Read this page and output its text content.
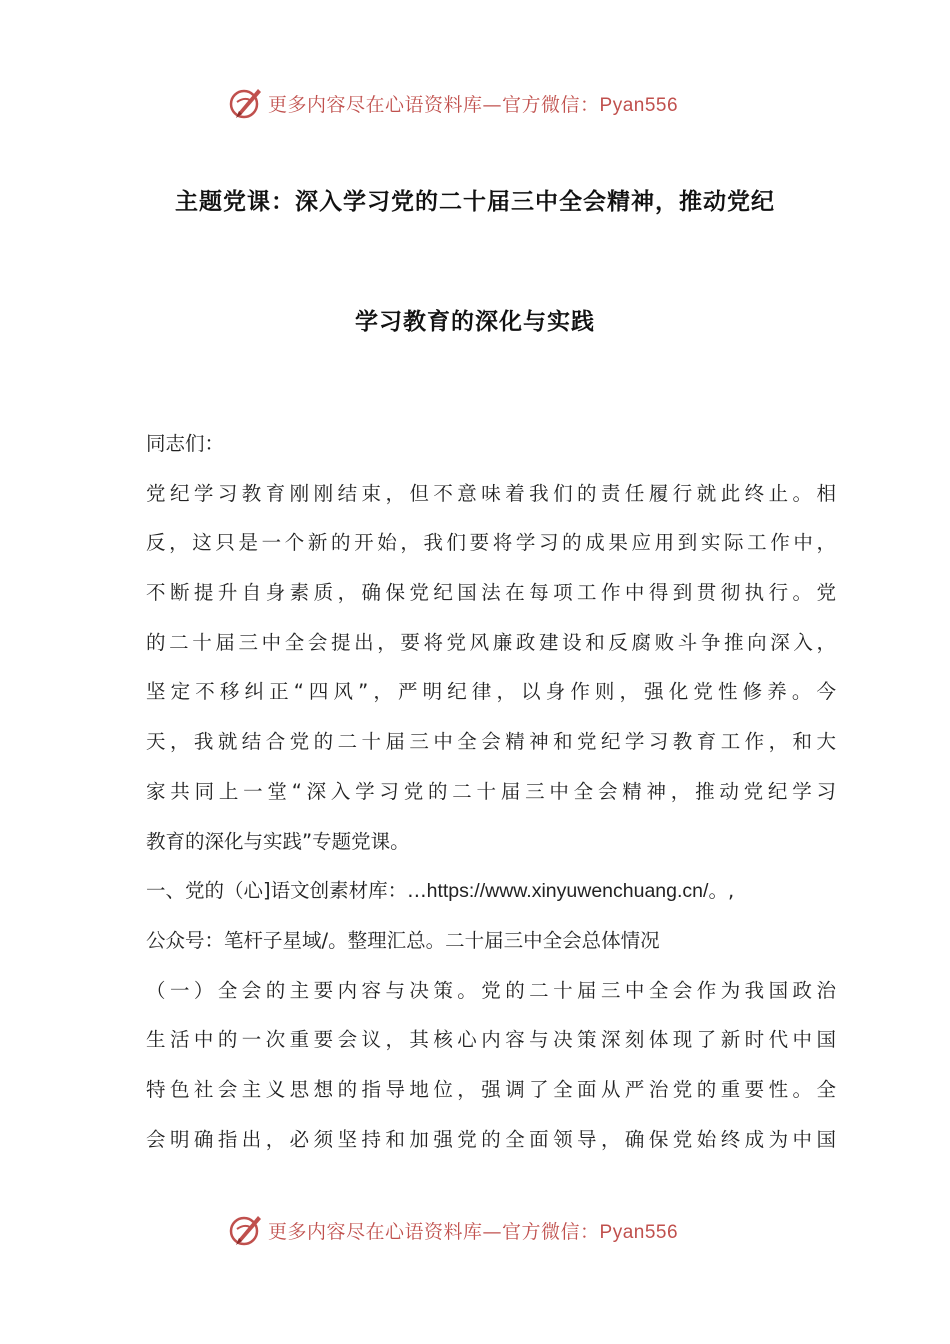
更多内容尽在心语资料库—官方微信：Pyan556
主题党课：深入学习党的二十届三中全会精神，推动党纪
学习教育的深化与实践
同志们：
党纪学习教育刚刚结束，但不意味着我们的责任履行就此终止。相
反，这只是一个新的开始，我们要将学习的成果应用到实际工作中，
不断提升自身素质，确保党纪国法在每项工作中得到贯彻执行。党
的二十届三中全会提出，要将党风廉政建设和反腐败斗争推向深入，
坚定不移纠正“四风”，严明纪律，以身作则，强化党性修养。今
天，我就结合党的二十届三中全会精神和党纪学习教育工作，和大
家共同上一堂“深入学习党的二十届三中全会精神，推动党纪学习
教育的深化与实践”专题党课。
一、党的（心]语文创素材库：…https://www.xinyuwenchuang.cn/。,
公众号：笔杆子星域/。整理汇总。二十届三中全会总体情况
（一）全会的主要内容与决策。党的二十届三中全会作为我国政治
生活中的一次重要会议，其核心内容与决策深刻体现了新时代中国
特色社会主义思想的指导地位，强调了全面从严治党的重要性。全
会明确指出，必须坚持和加强党的全面领导，确保党始终成为中国
更多内容尽在心语资料库—官方微信：Pyan556
